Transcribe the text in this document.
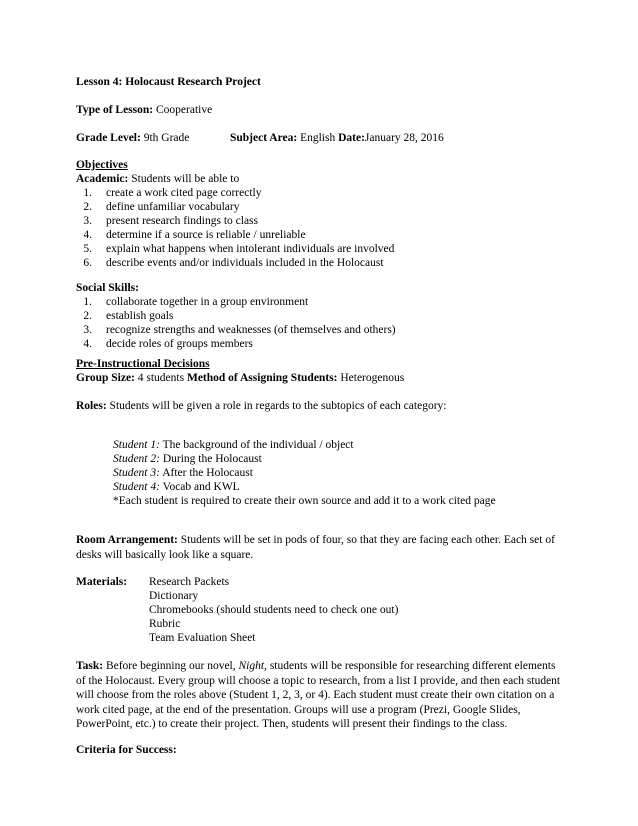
Lesson 4: Holocaust Research Project
Type of Lesson: Cooperative
Grade Level: 9th Grade	Subject Area: English Date:January 28, 2016
Objectives
Academic: Students will be able to
1.	create a work cited page correctly
2.	define unfamiliar vocabulary
3.	present research findings to class
4.	determine if a source is reliable / unreliable
5.	explain what happens when intolerant individuals are involved
6.	describe events and/or individuals included in the Holocaust
Social Skills:
1.	collaborate together in a group environment
2.	establish goals
3.	recognize strengths and weaknesses (of themselves and others)
4.	decide roles of groups members
Pre-Instructional Decisions
Group Size: 4 students Method of Assigning Students: Heterogenous
Roles: Students will be given a role in regards to the subtopics of each category:
Student 1: The background of the individual / object
Student 2: During the Holocaust
Student 3: After the Holocaust
Student 4: Vocab and KWL
*Each student is required to create their own source and add it to a work cited page
Room Arrangement: Students will be set in pods of four, so that they are facing each other. Each set of
desks will basically look like a square.
Materials:	Research Packets
Dictionary
Chromebooks (should students need to check one out)
Rubric
Team Evaluation Sheet
Task: Before beginning our novel, Night, students will be responsible for researching different elements
of the Holocaust. Every group will choose a topic to research, from a list I provide, and then each student
will choose from the roles above (Student 1, 2, 3, or 4). Each student must create their own citation on a
work cited page, at the end of the presentation. Groups will use a program (Prezi, Google Slides,
PowerPoint, etc.) to create their project. Then, students will present their findings to the class.
Criteria for Success:
